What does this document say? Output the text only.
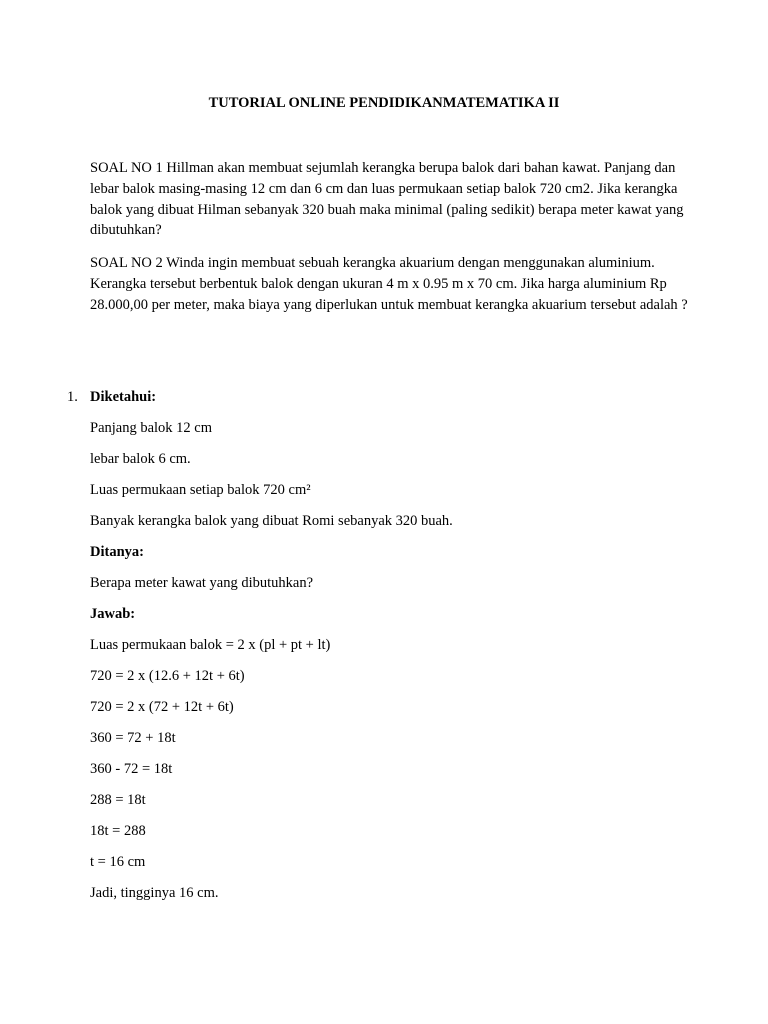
TUTORIAL ONLINE PENDIDIKANMATEMATIKA II
SOAL NO 1 Hillman akan membuat sejumlah kerangka berupa balok dari bahan kawat. Panjang dan lebar balok masing-masing 12 cm dan 6 cm dan luas permukaan setiap balok 720 cm2. Jika kerangka balok yang dibuat Hilman sebanyak 320 buah maka minimal (paling sedikit) berapa meter kawat yang dibutuhkan?
SOAL NO 2 Winda ingin membuat sebuah kerangka akuarium dengan menggunakan aluminium. Kerangka tersebut berbentuk balok dengan ukuran 4 m x 0.95 m x 70 cm. Jika harga aluminium Rp 28.000,00 per meter, maka biaya yang diperlukan untuk membuat kerangka akuarium tersebut adalah ?
1. Diketahui:
Panjang balok 12 cm
lebar balok 6 cm.
Luas permukaan setiap balok 720 cm²
Banyak kerangka balok yang dibuat Romi sebanyak 320 buah.
Ditanya:
Berapa meter kawat yang dibutuhkan?
Jawab:
Luas permukaan balok = 2 x (pl + pt + lt)
720 = 2 x (12.6 + 12t + 6t)
720 = 2 x (72 + 12t + 6t)
360 = 72 + 18t
360 - 72 = 18t
288 = 18t
18t = 288
t = 16 cm
Jadi, tingginya 16 cm.
